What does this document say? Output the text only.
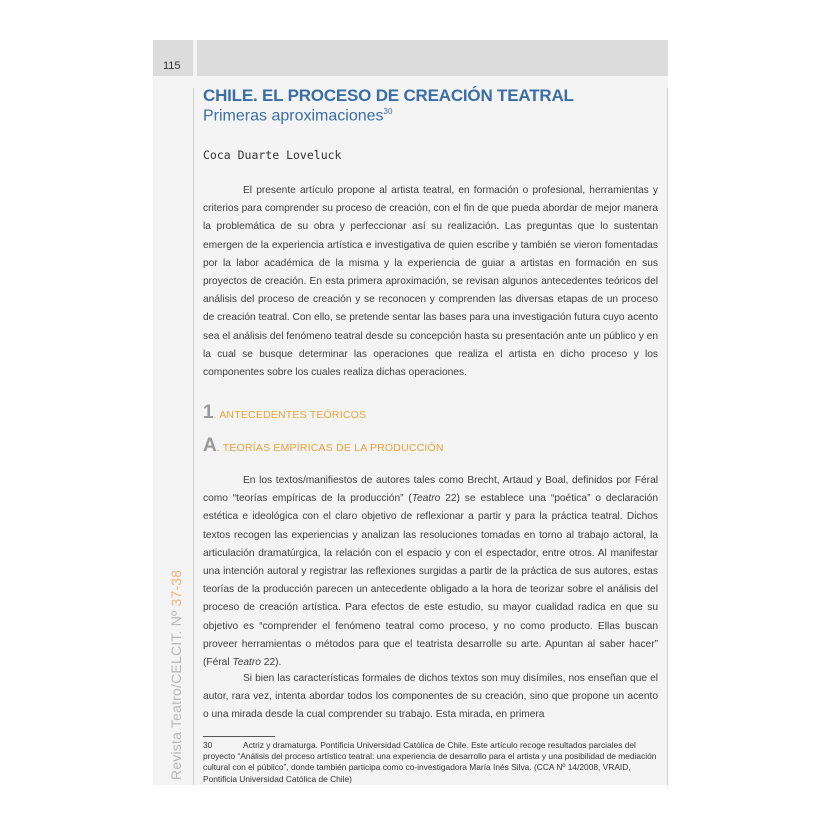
115
Revista Teatro/CELCIT. Nº 37-38
CHILE. EL PROCESO DE CREACIÓN TEATRAL
Primeras aproximaciones$^{30}$
Coca Duarte Loveluck

El presente artículo propone al artista teatral, en formación o profesional, herramientas y criterios para comprender su proceso de creación, con el fin de que pueda abordar de mejor manera la problemática de su obra y perfeccionar así su realización. Las preguntas que lo sustentan emergen de la experiencia artística e investigativa de quien escribe y también se vieron fomentadas por la labor académica de la misma y la experiencia de guiar a artistas en formación en sus proyectos de creación. En esta primera aproximación, se revisan algunos antecedentes teóricos del análisis del proceso de creación y se reconocen y comprenden las diversas etapas de un proceso de creación teatral. Con ello, se pretende sentar las bases para una investigación futura cuyo acento sea el análisis del fenómeno teatral desde su concepción hasta su presentación ante un público y en la cual se busque determinar las operaciones que realiza el artista en dicho proceso y los componentes sobre los cuales realiza dichas operaciones.

1. ANTECEDENTES TEÓRICOS
A. TEORÍAS EMPÍRICAS DE LA PRODUCCIÓN

En los textos/manifiestos de autores tales como Brecht, Artaud y Boal, definidos por Féral como “teorías empíricas de la producción” (Teatro 22) se establece una “poética” o declaración estética e ideológica con el claro objetivo de reflexionar a partir y para la práctica teatral. Dichos textos recogen las experiencias y analizan las resoluciones tomadas en torno al trabajo actoral, la articulación dramatúrgica, la relación con el espacio y con el espectador, entre otros. Al manifestar una intención autoral y registrar las reflexiones surgidas a partir de la práctica de sus autores, estas teorías de la producción parecen un antecedente obligado a la hora de teorizar sobre el análisis del proceso de creación artística. Para efectos de este estudio, su mayor cualidad radica en que su objetivo es “comprender el fenómeno teatral como proceso, y no como producto. Ellas buscan proveer herramientas o métodos para que el teatrista desarrolle su arte. Apuntan al saber hacer” (Féral Teatro 22).

Si bien las características formales de dichos textos son muy disímiles, nos enseñan que el autor, rara vez, intenta abordar todos los componentes de su creación, sino que propone un acento o una mirada desde la cual comprender su trabajo. Esta mirada, en primera

30	Actriz y dramaturga. Pontificia Universidad Católica de Chile. Este artículo recoge resultados parciales del proyecto “Análisis del proceso artístico teatral: una experiencia de desarrollo para el artista y una posibilidad de mediación cultural con el público”, donde también participa como co-investigadora María Inés Silva. (CCA Nº 14/2008, VRAID, Pontificia Universidad Católica de Chile)
